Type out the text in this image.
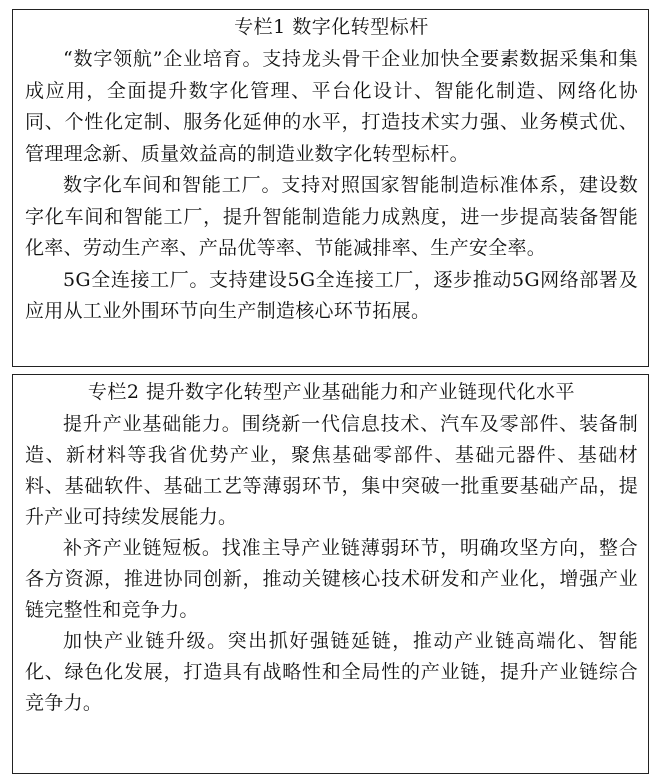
专栏1 数字化转型标杆

“数字领航”企业培育。支持龙头骨干企业加快全要素数据采集和集成应用，全面提升数字化管理、平台化设计、智能化制造、网络化协同、个性化定制、服务化延伸的水平，打造技术实力强、业务模式优、管理理念新、质量效益高的制造业数字化转型标杆。

数字化车间和智能工厂。支持对照国家智能制造标准体系，建设数字化车间和智能工厂，提升智能制造能力成熟度，进一步提高装备智能化率、劳动生产率、产品优等率、节能减排率、生产安全率。

5G全连接工厂。支持建设5G全连接工厂，逐步推动5G网络部署及应用从工业外围环节向生产制造核心环节拓展。

专栏2 提升数字化转型产业基础能力和产业链现代化水平

提升产业基础能力。围绕新一代信息技术、汽车及零部件、装备制造、新材料等我省优势产业，聚焦基础零部件、基础元器件、基础材料、基础软件、基础工艺等薄弱环节，集中突破一批重要基础产品，提升产业可持续发展能力。

补齐产业链短板。找准主导产业链薄弱环节，明确攻坚方向，整合各方资源，推进协同创新，推动关键核心技术研发和产业化，增强产业链完整性和竞争力。

加快产业链升级。突出抓好强链延链，推动产业链高端化、智能化、绿色化发展，打造具有战略性和全局性的产业链，提升产业链综合竞争力。
